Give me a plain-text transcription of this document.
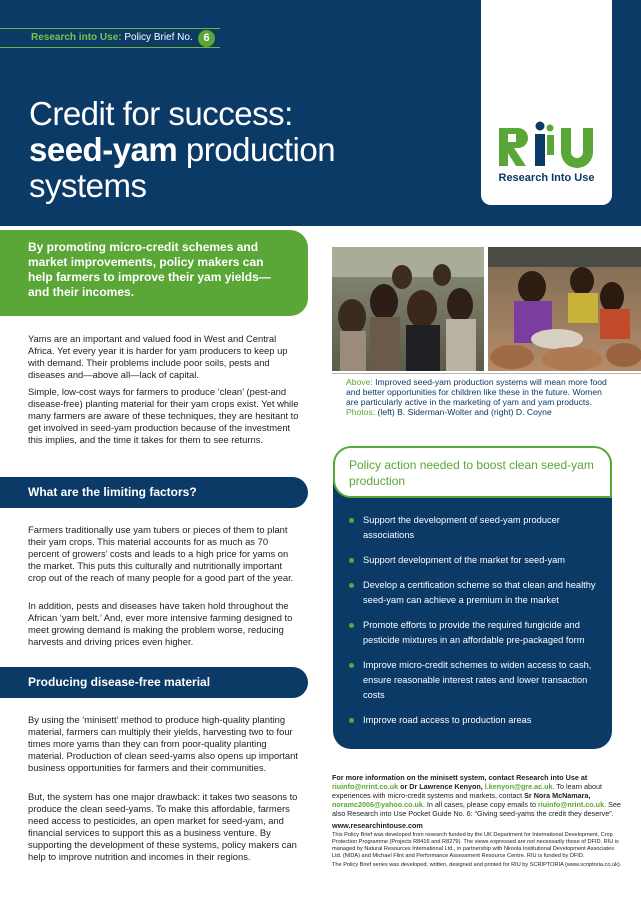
Research into Use: Policy Brief No. 6
Credit for success:
seed-yam production
systems	Research Into Use
By promoting micro-credit schemes and market improvements, policy makers can help farmers to improve their yam yields—and their incomes.

Yams are an important and valued food in West and Central Africa. Yet every year it is harder for yam producers to keep up with demand. Their problems include poor soils, pests and diseases and—above all—lack of capital.

Simple, low-cost ways for farmers to produce ‘clean’ (pest-and disease-free) planting material for their yam crops exist. Yet while many farmers are aware of these techniques, they are hesitant to get involved in seed-yam production because of the investment this implies, and the time it takes for them to see returns.

What are the limiting factors?

Farmers traditionally use yam tubers or pieces of them to plant their yam crops. This material accounts for as much as 70 percent of growers’ costs and leads to a high price for yams on the market. This puts this culturally and nutritionally important crop out of the reach of many people for a good part of the year.

In addition, pests and diseases have taken hold throughout the African ‘yam belt.’ And, ever more intensive farming designed to meet growing demand is making the problem worse, reducing harvests and driving prices even higher.

Producing disease-free material

By using the ‘minisett’ method to produce high-quality planting material, farmers can multiply their yields, harvesting two to four times more yams than they can from poor-quality planting material. Production of clean seed-yams also opens up important business opportunities for farmers and their communities.

But, the system has one major drawback: it takes two seasons to produce the clean seed-yams. To make this affordable, farmers need access to pesticides, an open market for seed-yam, and financial services to support this as a business venture. By supporting the development of these systems, policy makers can help to improve nutrition and incomes in their regions.

Above: Improved seed-yam production systems will mean more food and better opportunities for children like these in the future. Women are particularly active in the marketing of yam and yam products. Photos: (left) B. Siderman-Wolter and (right) D. Coyne

Policy action needed to boost clean seed-yam production
Support the development of seed-yam producer associations
Support development of the market for seed-yam
Develop a certification scheme so that clean and healthy seed-yam can achieve a premium in the market
Promote efforts to provide the required fungicide and pesticide mixtures in an affordable pre-packaged form
Improve micro-credit schemes to widen access to cash, ensure reasonable interest rates and lower transaction costs
Improve road access to production areas

For more information on the minisett system, contact Research into Use at riuinfo@nrint.co.uk or Dr Lawrence Kenyon, l.kenyon@gre.ac.uk. To learn about experiences with micro-credit systems and markets, contact Sr Nora McNamara, noramc2006@yahoo.co.uk. In all cases, please copy emails to riuinfo@nrint.co.uk. See also Research into Use Pocket Guide No. 6: “Giving seed-yams the credit they deserve”.

www.researchintouse.com

This Policy Brief was developed from research funded by the UK Department for International Development, Crop Protection Programme (Projects R8416 and R8279). The views expressed are not necessarily those of DFID. RIU is managed by Natural Resources International Ltd., in partnership with Nkoola Institutional Development Associates Ltd. (NIDA) and Michael Flint and Performance Assessment Resource Centre. RIU is funded by DFID.

The Policy Brief series was developed, written, designed and printed for RIU by SCRIPTORIA (www.scriptoria.co.uk).
